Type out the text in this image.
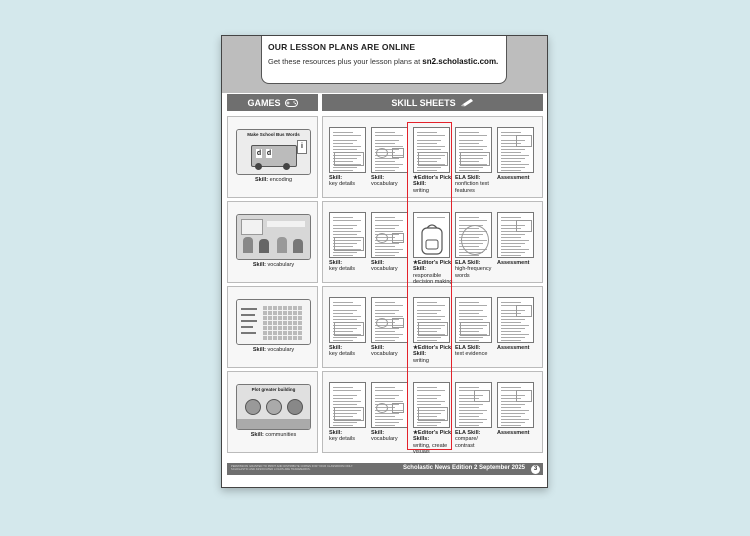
OUR LESSON PLANS ARE ONLINE
Get these resources plus your lesson plans at sn2.scholastic.com.
GAMES	SKILL SHEETS
d d
i
Make School Bus Words
Skill: encoding	Skill:
key details
Skill:
vocabulary
★Editor's Pick Skill:
writing
ELA Skill:
nonfiction text features
Assessment
Skill: vocabulary	Skill:
key details
Skill:
vocabulary
★Editor's Pick Skill:
responsible decision making
ELA Skill:
high-frequency words
Assessment
Skill: vocabulary	Skill:
key details
Skill:
vocabulary
★Editor's Pick Skill:
writing
ELA Skill:
text evidence
Assessment
Plot greater building
Skill: communities	Skill:
key details
Skill:
vocabulary
★Editor's Pick Skills:
writing, create visuals
ELA Skill:
compare/ contrast
Assessment
PERMISSION GRANTED TO PRINT AND DISTRIBUTE COPIES FOR YOUR CLASSROOM ONLY. SCHOLASTIC AND ASSOCIATED LOGOS ARE TRADEMARKS.	Scholastic News Edition 2 September 2025	3
